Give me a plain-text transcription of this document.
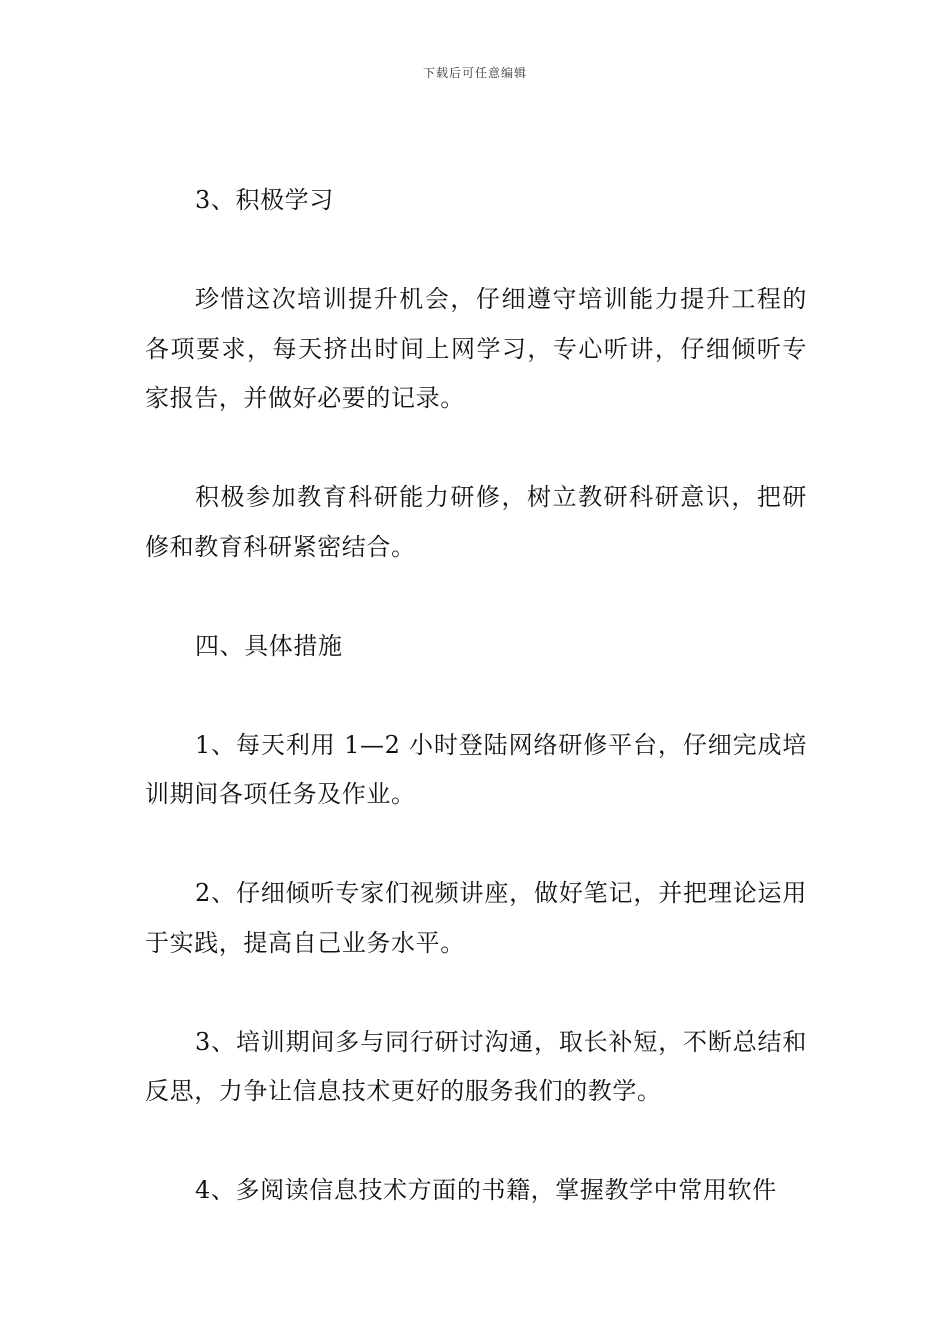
下载后可任意编辑

3、积极学习

珍惜这次培训提升机会，仔细遵守培训能力提升工程的各项要求，每天挤出时间上网学习，专心听讲，仔细倾听专家报告，并做好必要的记录。

积极参加教育科研能力研修，树立教研科研意识，把研修和教育科研紧密结合。

四、具体措施

1、每天利用 1—2 小时登陆网络研修平台，仔细完成培训期间各项任务及作业。

2、仔细倾听专家们视频讲座，做好笔记，并把理论运用于实践，提高自己业务水平。

3、培训期间多与同行研讨沟通，取长补短，不断总结和反思，力争让信息技术更好的服务我们的教学。

4、多阅读信息技术方面的书籍，掌握教学中常用软件
